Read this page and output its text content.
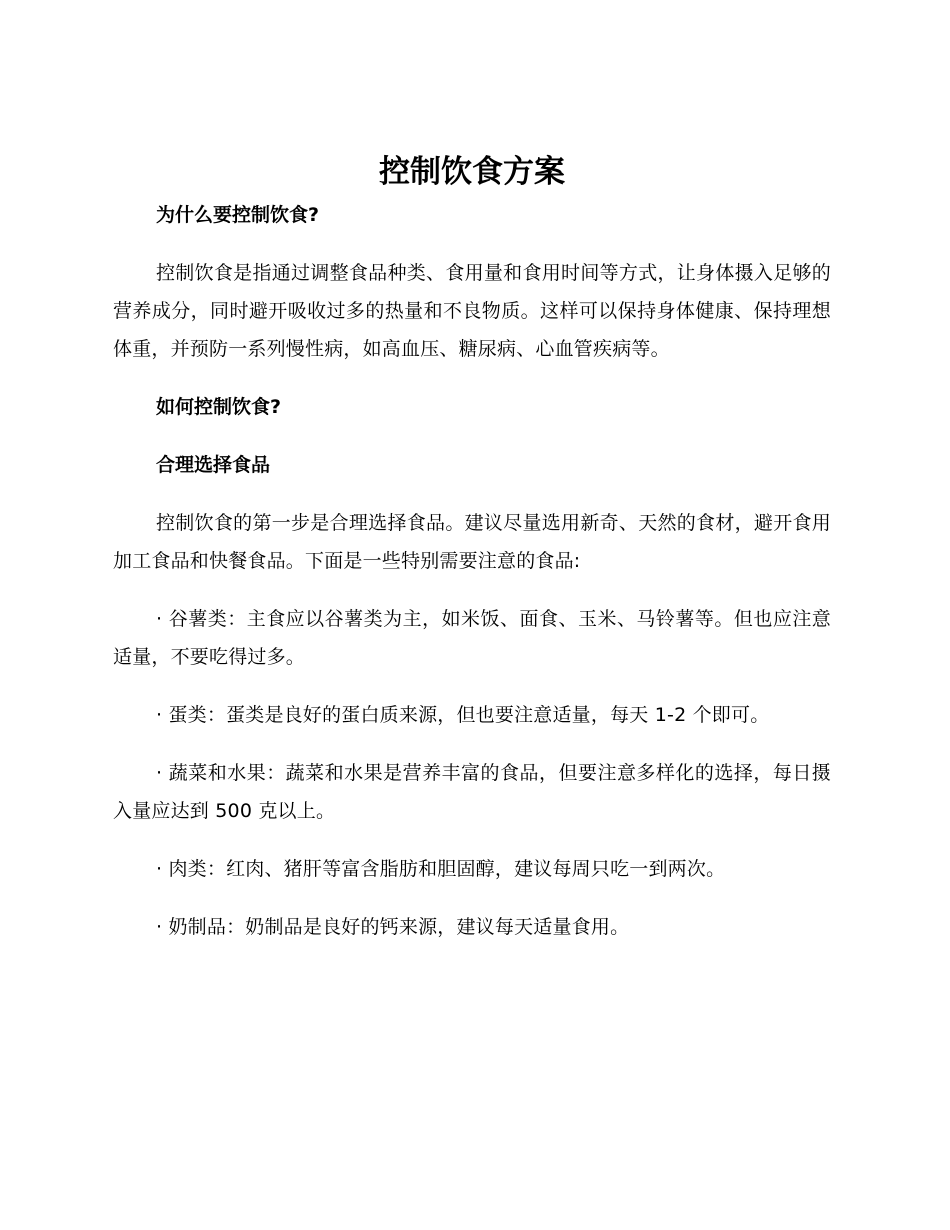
控制饮食方案
为什么要控制饮食?

控制饮食是指通过调整食品种类、食用量和食用时间等方式，让身体摄入足够的营养成分，同时避开吸收过多的热量和不良物质。这样可以保持身体健康、保持理想体重，并预防一系列慢性病，如高血压、糖尿病、心血管疾病等。

如何控制饮食?
合理选择食品

控制饮食的第一步是合理选择食品。建议尽量选用新奇、天然的食材，避开食用加工食品和快餐食品。下面是一些特别需要注意的食品:

· 谷薯类：主食应以谷薯类为主，如米饭、面食、玉米、马铃薯等。但也应注意适量，不要吃得过多。

· 蛋类：蛋类是良好的蛋白质来源，但也要注意适量，每天 1-2 个即可。

· 蔬菜和水果：蔬菜和水果是营养丰富的食品，但要注意多样化的选择，每日摄入量应达到 500 克以上。

· 肉类：红肉、猪肝等富含脂肪和胆固醇，建议每周只吃一到两次。

· 奶制品：奶制品是良好的钙来源，建议每天适量食用。
